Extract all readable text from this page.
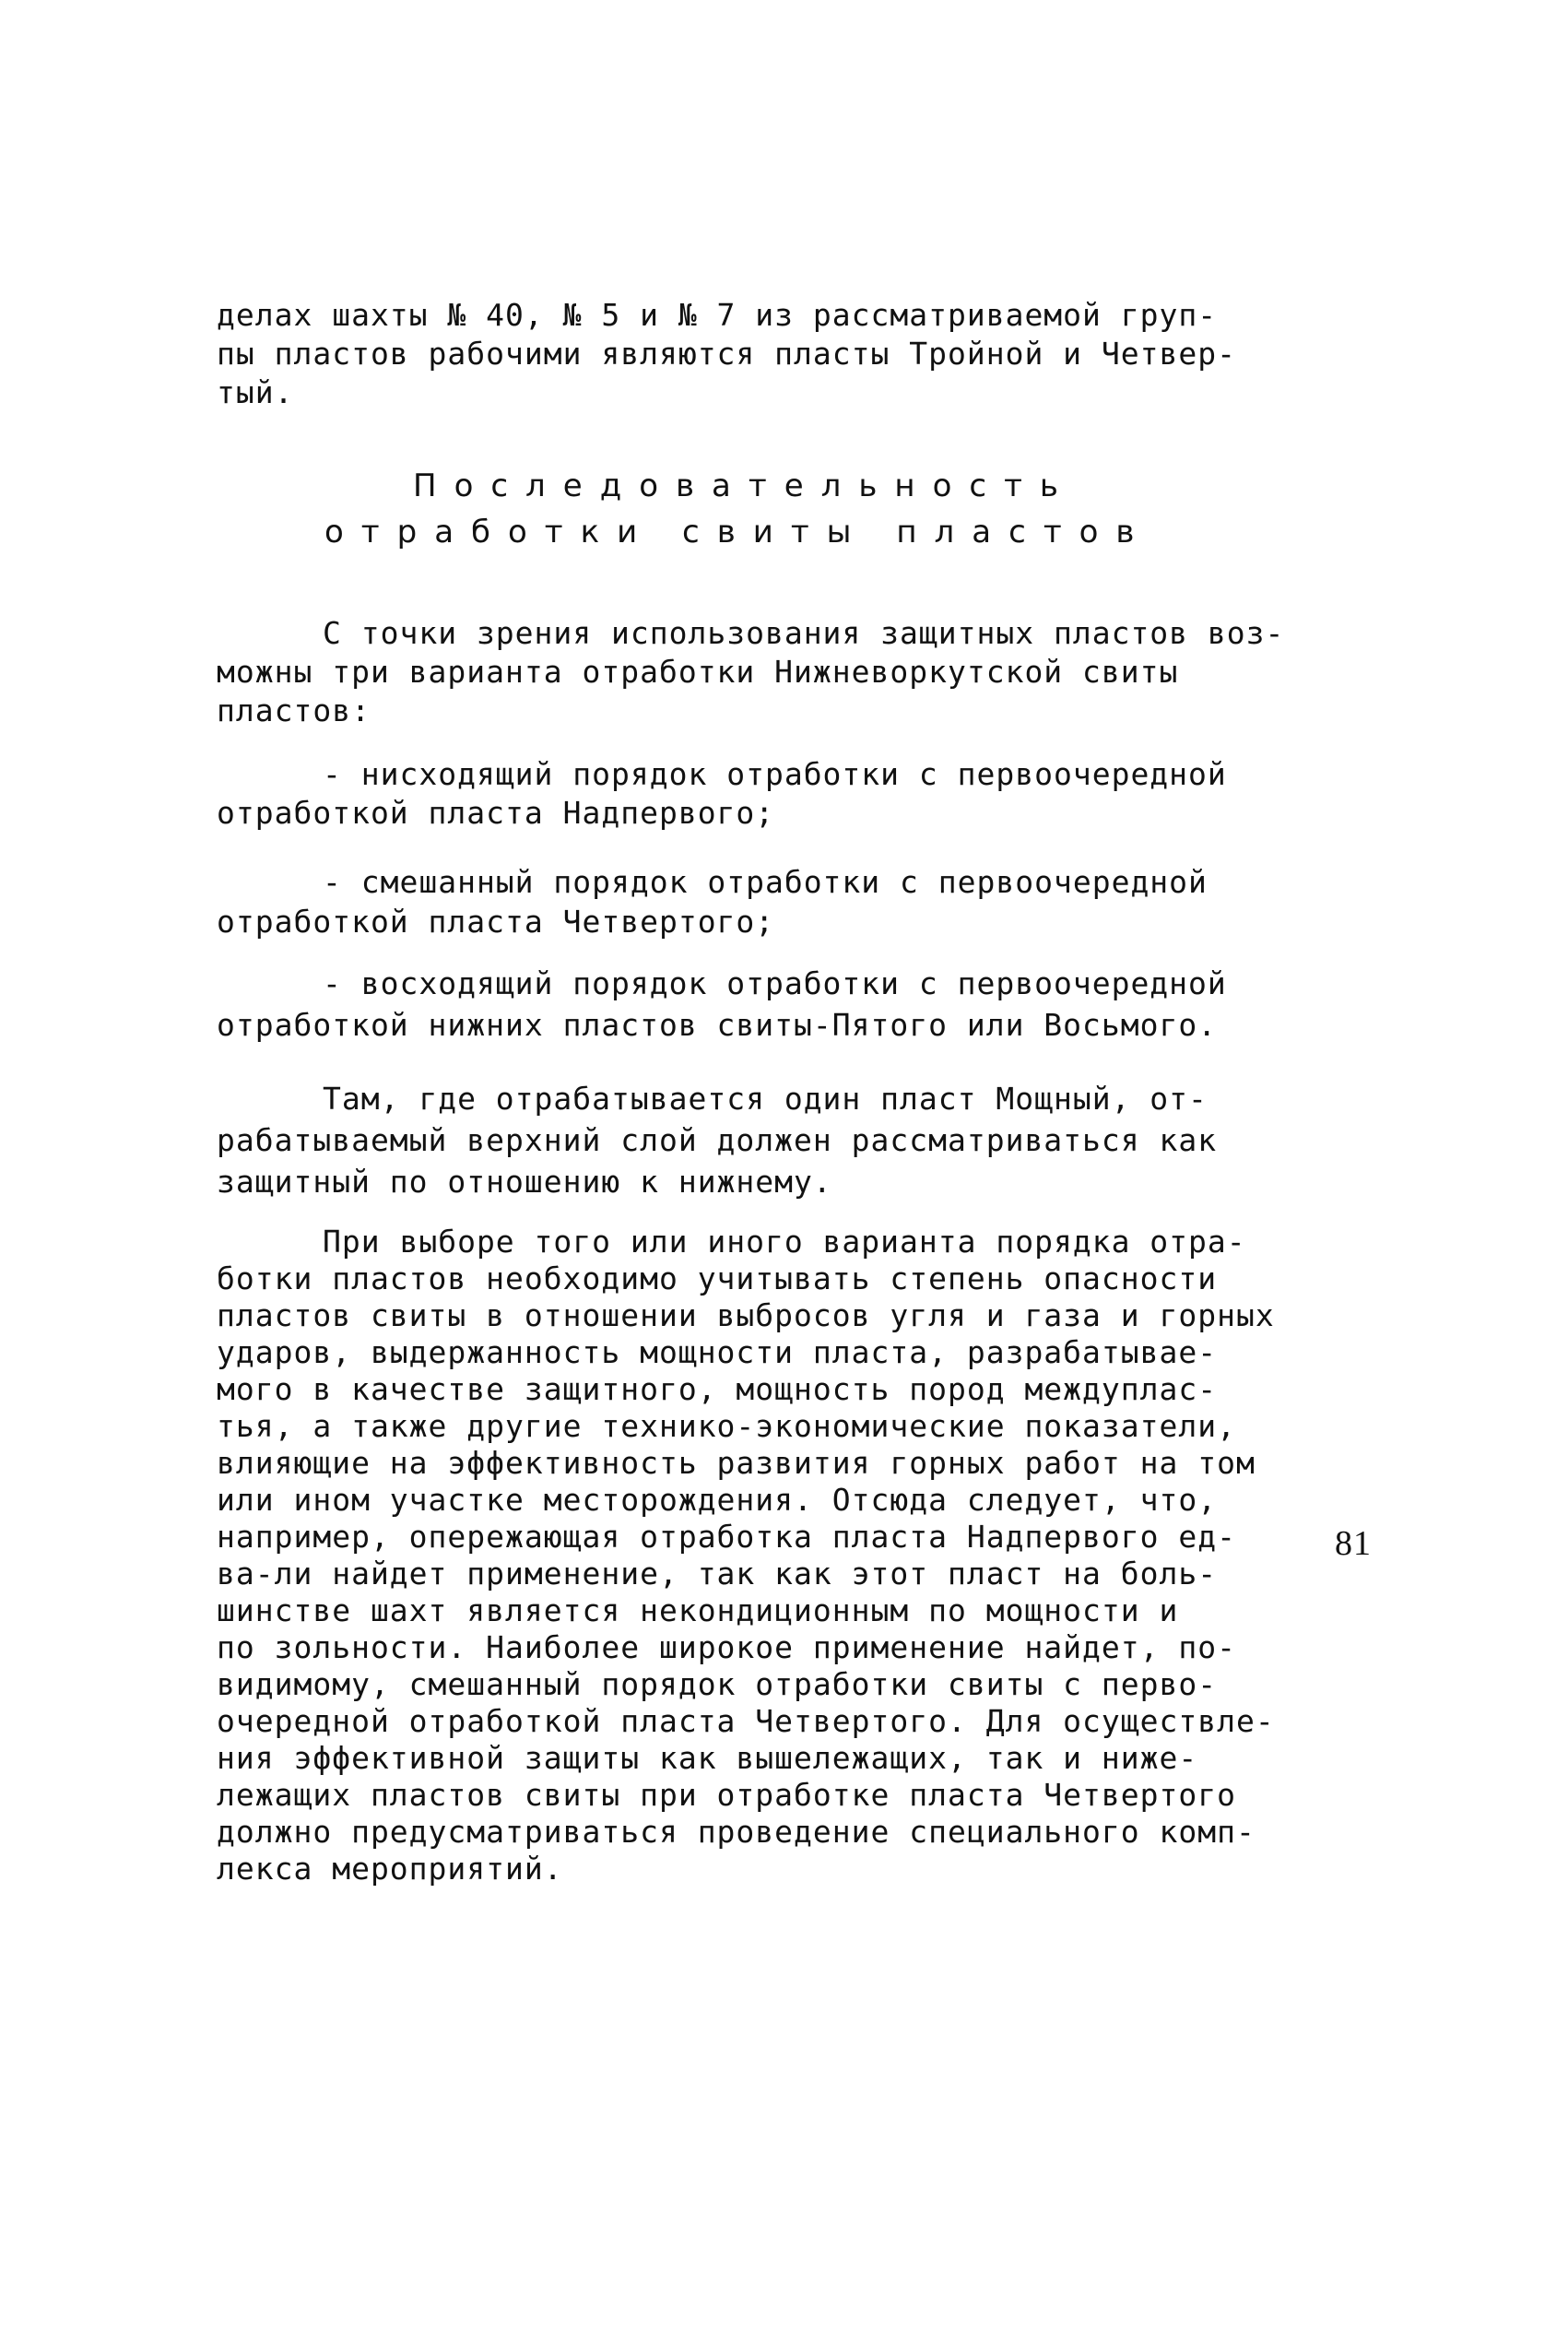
делах шахты № 40, № 5 и № 7 из рассматриваемой груп-
пы пластов рабочими являются пласты Тройной и Четвер-
тый.
Последовательность
отработки свиты пластов
С точки зрения использования защитных пластов воз-
можны три варианта отработки Нижневоркутской свиты
пластов:
- нисходящий порядок отработки с первоочередной
отработкой пласта Надпервого;
- смешанный порядок отработки с первоочередной
отработкой пласта Четвертого;
- восходящий порядок отработки с первоочередной
отработкой нижних пластов свиты-Пятого или Восьмого.
Там, где отрабатывается один пласт Мощный, от-
рабатываемый верхний слой должен рассматриваться как
защитный по отношению к нижнему.
При выборе того или иного варианта порядка отра-
ботки пластов необходимо учитывать степень опасности
пластов свиты в отношении выбросов угля и газа и горных
ударов, выдержанность мощности пласта, разрабатывае-
мого в качестве защитного, мощность пород междуплас-
тья, а также другие технико-экономические показатели,
влияющие на эффективность развития горных работ на том
или ином участке месторождения. Отсюда следует, что,
например, опережающая отработка пласта Надпервого ед-
ва-ли найдет применение, так как этот пласт на боль-
шинстве шахт является некондиционным по мощности и
по зольности. Наиболее широкое применение найдет, по-
видимому, смешанный порядок отработки свиты с перво-
очередной отработкой пласта Четвертого. Для осуществле-
ния эффективной защиты как вышележащих, так и ниже-
лежащих пластов свиты при отработке пласта Четвертого
должно предусматриваться проведение специального комп-
лекса мероприятий.
81
